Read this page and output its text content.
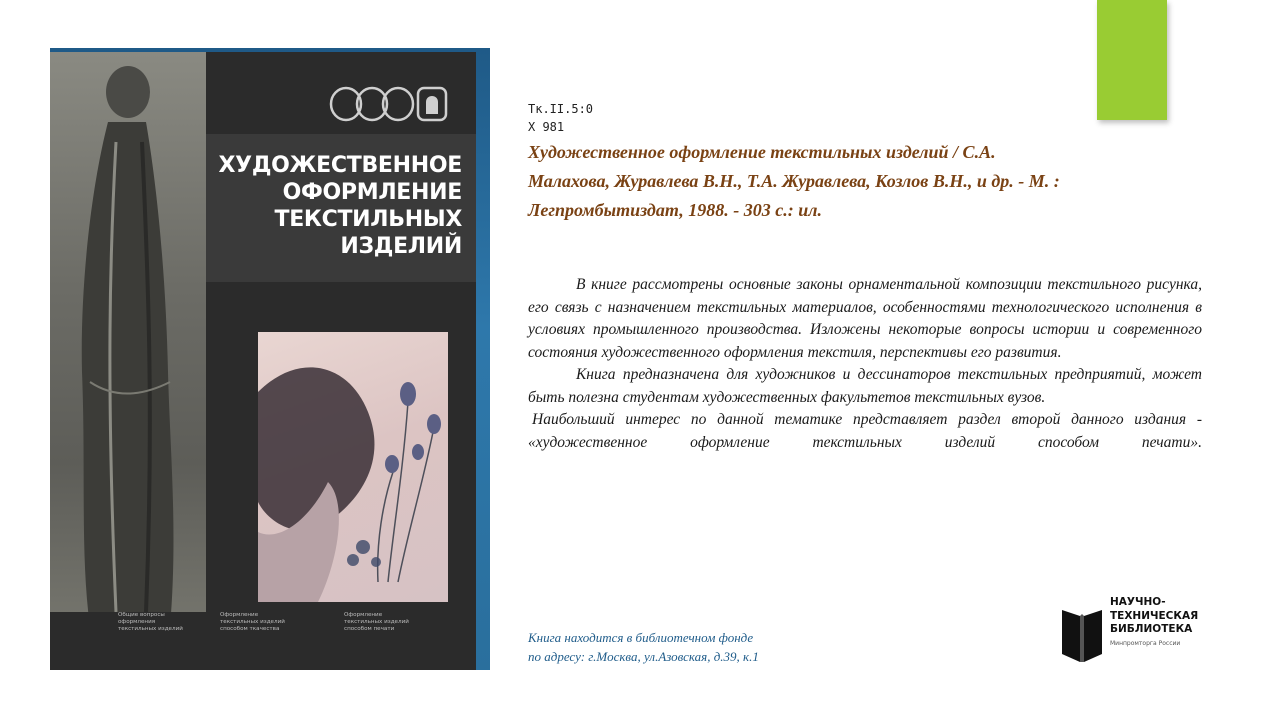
ХУДОЖЕСТВЕННОЕ
ОФОРМЛЕНИЕ
ТЕКСТИЛЬНЫХ
ИЗДЕЛИЙ
Общие вопросы
оформления
текстильных изделий
Оформление
текстильных изделий
способом ткачества
Оформление
текстильных изделий
способом печати
Тк.II.5:0
Х 981
Художественное оформление текстильных изделий / С.А.
Малахова, Журавлева В.Н., Т.А. Журавлева, Козлов В.Н., и др. - М. :
Легпромбытиздат, 1988. - 303 с.: ил.

В книге рассмотрены основные законы орнаментальной композиции текстильного рисунка, его связь с назначением текстильных материалов, особенностями технологического исполнения в условиях промышленного производства. Изложены некоторые вопросы истории и современного состояния художественного оформления текстиля, перспективы его развития.

Книга предназначена для художников и дессинаторов текстильных предприятий, может быть полезна студентам художественных факультетов текстильных вузов.

Наибольший интерес по данной тематике представляет раздел второй данного издания - «художественное оформление текстильных изделий способом печати».

Книга находится в библиотечном фонде
по адресу: г.Москва, ул.Азовская, д.39, к.1
НАУЧНО-
ТЕХНИЧЕСКАЯ
БИБЛИОТЕКА
Минпромторга России
